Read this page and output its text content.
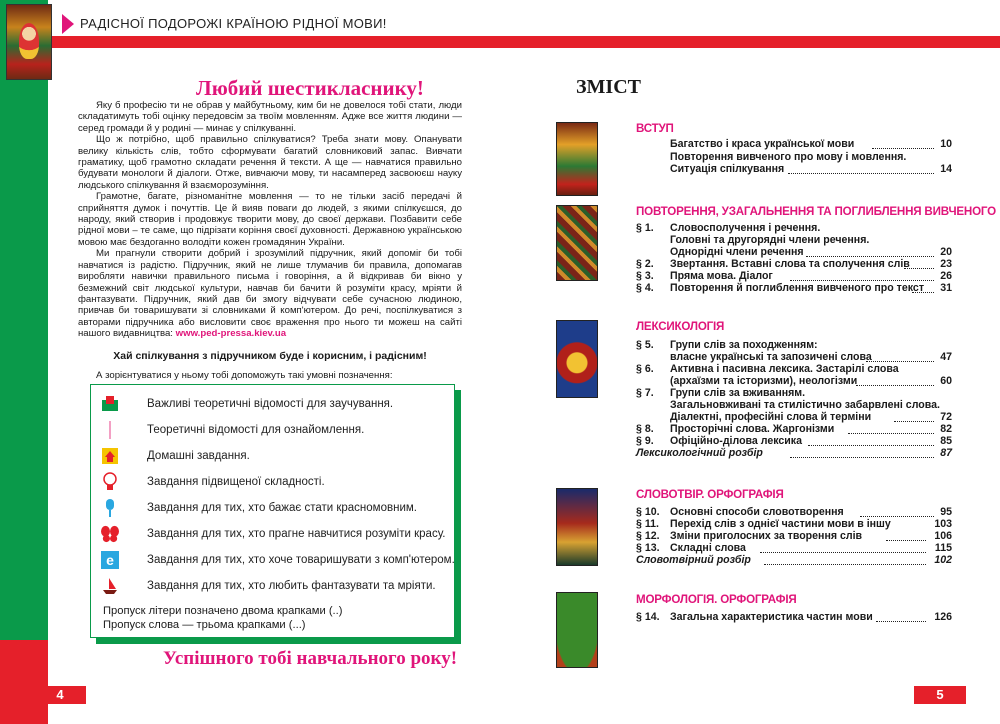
РАДІСНОЇ ПОДОРОЖІ КРАЇНОЮ РІДНОЇ МОВИ!
Любий шестикласнику!

Яку б професію ти не обрав у майбутньому, ким би не довелося тобі стати, люди складатимуть тобі оцінку передовсім за твоїм мовленням. Адже все життя людини — серед громади й у родині — минає у спілкуванні.

Що ж потрібно, щоб правильно спілкуватися? Треба знати мову. Опанувати велику кількість слів, тобто сформувати багатий словниковий запас. Вивчати граматику, щоб грамотно складати речення й тексти. А ще — навчатися правильно будувати монологи й діалоги. Отже, вивчаючи мову, ти насамперед засвоюєш науку людського спілкування й взаєморозуміння.

Грамотне, багате, різноманітне мовлення — то не тільки засіб передачі й сприйняття думок і почуттів. Це й вияв поваги до людей, з якими спілкуєшся, до народу, який створив і продовжує творити мову, до своєї держави. Позбавити себе рідної мови – те саме, що підрізати коріння своєї духовності. Державною українською мовою має бездоганно володіти кожен громадянин України.

Ми прагнули створити добрий і зрозумілий підручник, який допоміг би тобі навчатися із радістю. Підручник, який не лише тлумачив би правила, допомагав виробляти навички правильного письма і говоріння, а й відкривав би вікно у безмежний світ людської культури, навчав би бачити й розуміти красу, мріяти й фантазувати. Підручник, який дав би змогу відчувати себе сучасною людиною, привчав би товаришувати зі словниками й комп'ютером. До речі, поспілкуватися з авторами підручника або висловити своє враження про нього ти можеш на сайті нашого видавництва: www.ped-pressa.kiev.ua

Хай спілкування з підручником буде і корисним, і радісним!
А зорієнтуватися у ньому тобі допоможуть такі умовні позначення:
Важливі теоретичні відомості для заучування.
Теоретичні відомості для ознайомлення.
Домашні завдання.
Завдання підвищеної складності.
Завдання для тих, хто бажає стати красномовним.
Завдання для тих, хто прагне навчитися розуміти красу.
e	Завдання для тих, хто хоче товаришувати з комп'ютером.
Завдання для тих, хто любить фантазувати та мріяти.
Пропуск літери позначено двома крапками (..)
Пропуск слова — трьома крапками (...)
Успішного тобі навчального року!
4
ЗМІСТ
ВСТУП
ПОВТОРЕННЯ, УЗАГАЛЬНЕННЯ ТА ПОГЛИБЛЕННЯ ВИВЧЕНОГО
ЛЕКСИКОЛОГІЯ
СЛОВОТВІР. ОРФОГРАФІЯ
МОРФОЛОГІЯ. ОРФОГРАФІЯ
Багатство і краса української мови	10
Повторення вивченого про мову і мовлення.
Ситуація спілкування	14
§ 1.	Словосполучення і речення.
Головні та другорядні члени речення.
Однорідні члени речення	20
§ 2.	Звертання. Вставні слова та сполучення слів	23
§ 3.	Пряма мова. Діалог	26
§ 4.	Повторення й поглиблення вивченого про текст 31
§ 5.	Групи слів за походженням:
власне українські та запозичені слова	47
§ 6.	Активна і пасивна лексика. Застарілі слова
(архаїзми та історизми), неологізми	60
§ 7.	Групи слів за вживанням.
Загальновживані та стилістично забарвлені слова.
Діалектні, професійні слова й терміни	72
§ 8.	Просторічні слова. Жаргонізми	82
§ 9.	Офіційно-ділова лексика	85
Лексикологічний розбір	87
§ 10. Основні способи словотворення	95
§ 11.	Перехід слів з однієї частини мови в іншу	103
§ 12. Зміни приголосних за творення слів	106
§ 13. Складні слова	115
Словотвірний розбір	102
§ 14. Загальна характеристика частин мови	126
5
